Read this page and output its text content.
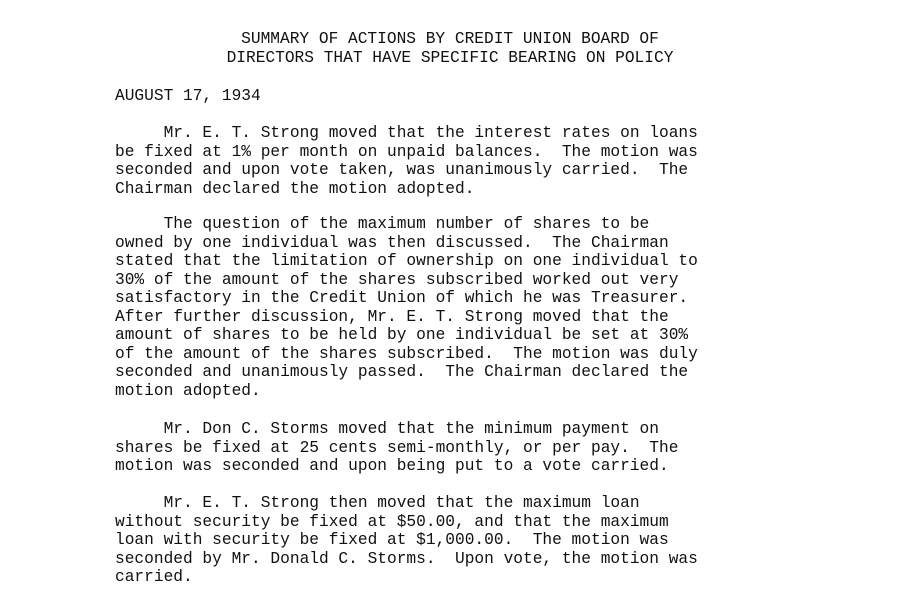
SUMMARY OF ACTIONS BY CREDIT UNION BOARD OF
DIRECTORS THAT HAVE SPECIFIC BEARING ON POLICY
AUGUST 17, 1934
Mr. E. T. Strong moved that the interest rates on loans
be fixed at 1% per month on unpaid balances.  The motion was
seconded and upon vote taken, was unanimously carried.  The
Chairman declared the motion adopted.
The question of the maximum number of shares to be
owned by one individual was then discussed.  The Chairman
stated that the limitation of ownership on one individual to
30% of the amount of the shares subscribed worked out very
satisfactory in the Credit Union of which he was Treasurer.
After further discussion, Mr. E. T. Strong moved that the
amount of shares to be held by one individual be set at 30%
of the amount of the shares subscribed.  The motion was duly
seconded and unanimously passed.  The Chairman declared the
motion adopted.
Mr. Don C. Storms moved that the minimum payment on
shares be fixed at 25 cents semi-monthly, or per pay.  The
motion was seconded and upon being put to a vote carried.
Mr. E. T. Strong then moved that the maximum loan
without security be fixed at $50.00, and that the maximum
loan with security be fixed at $1,000.00.  The motion was
seconded by Mr. Donald C. Storms.  Upon vote, the motion was
carried.
